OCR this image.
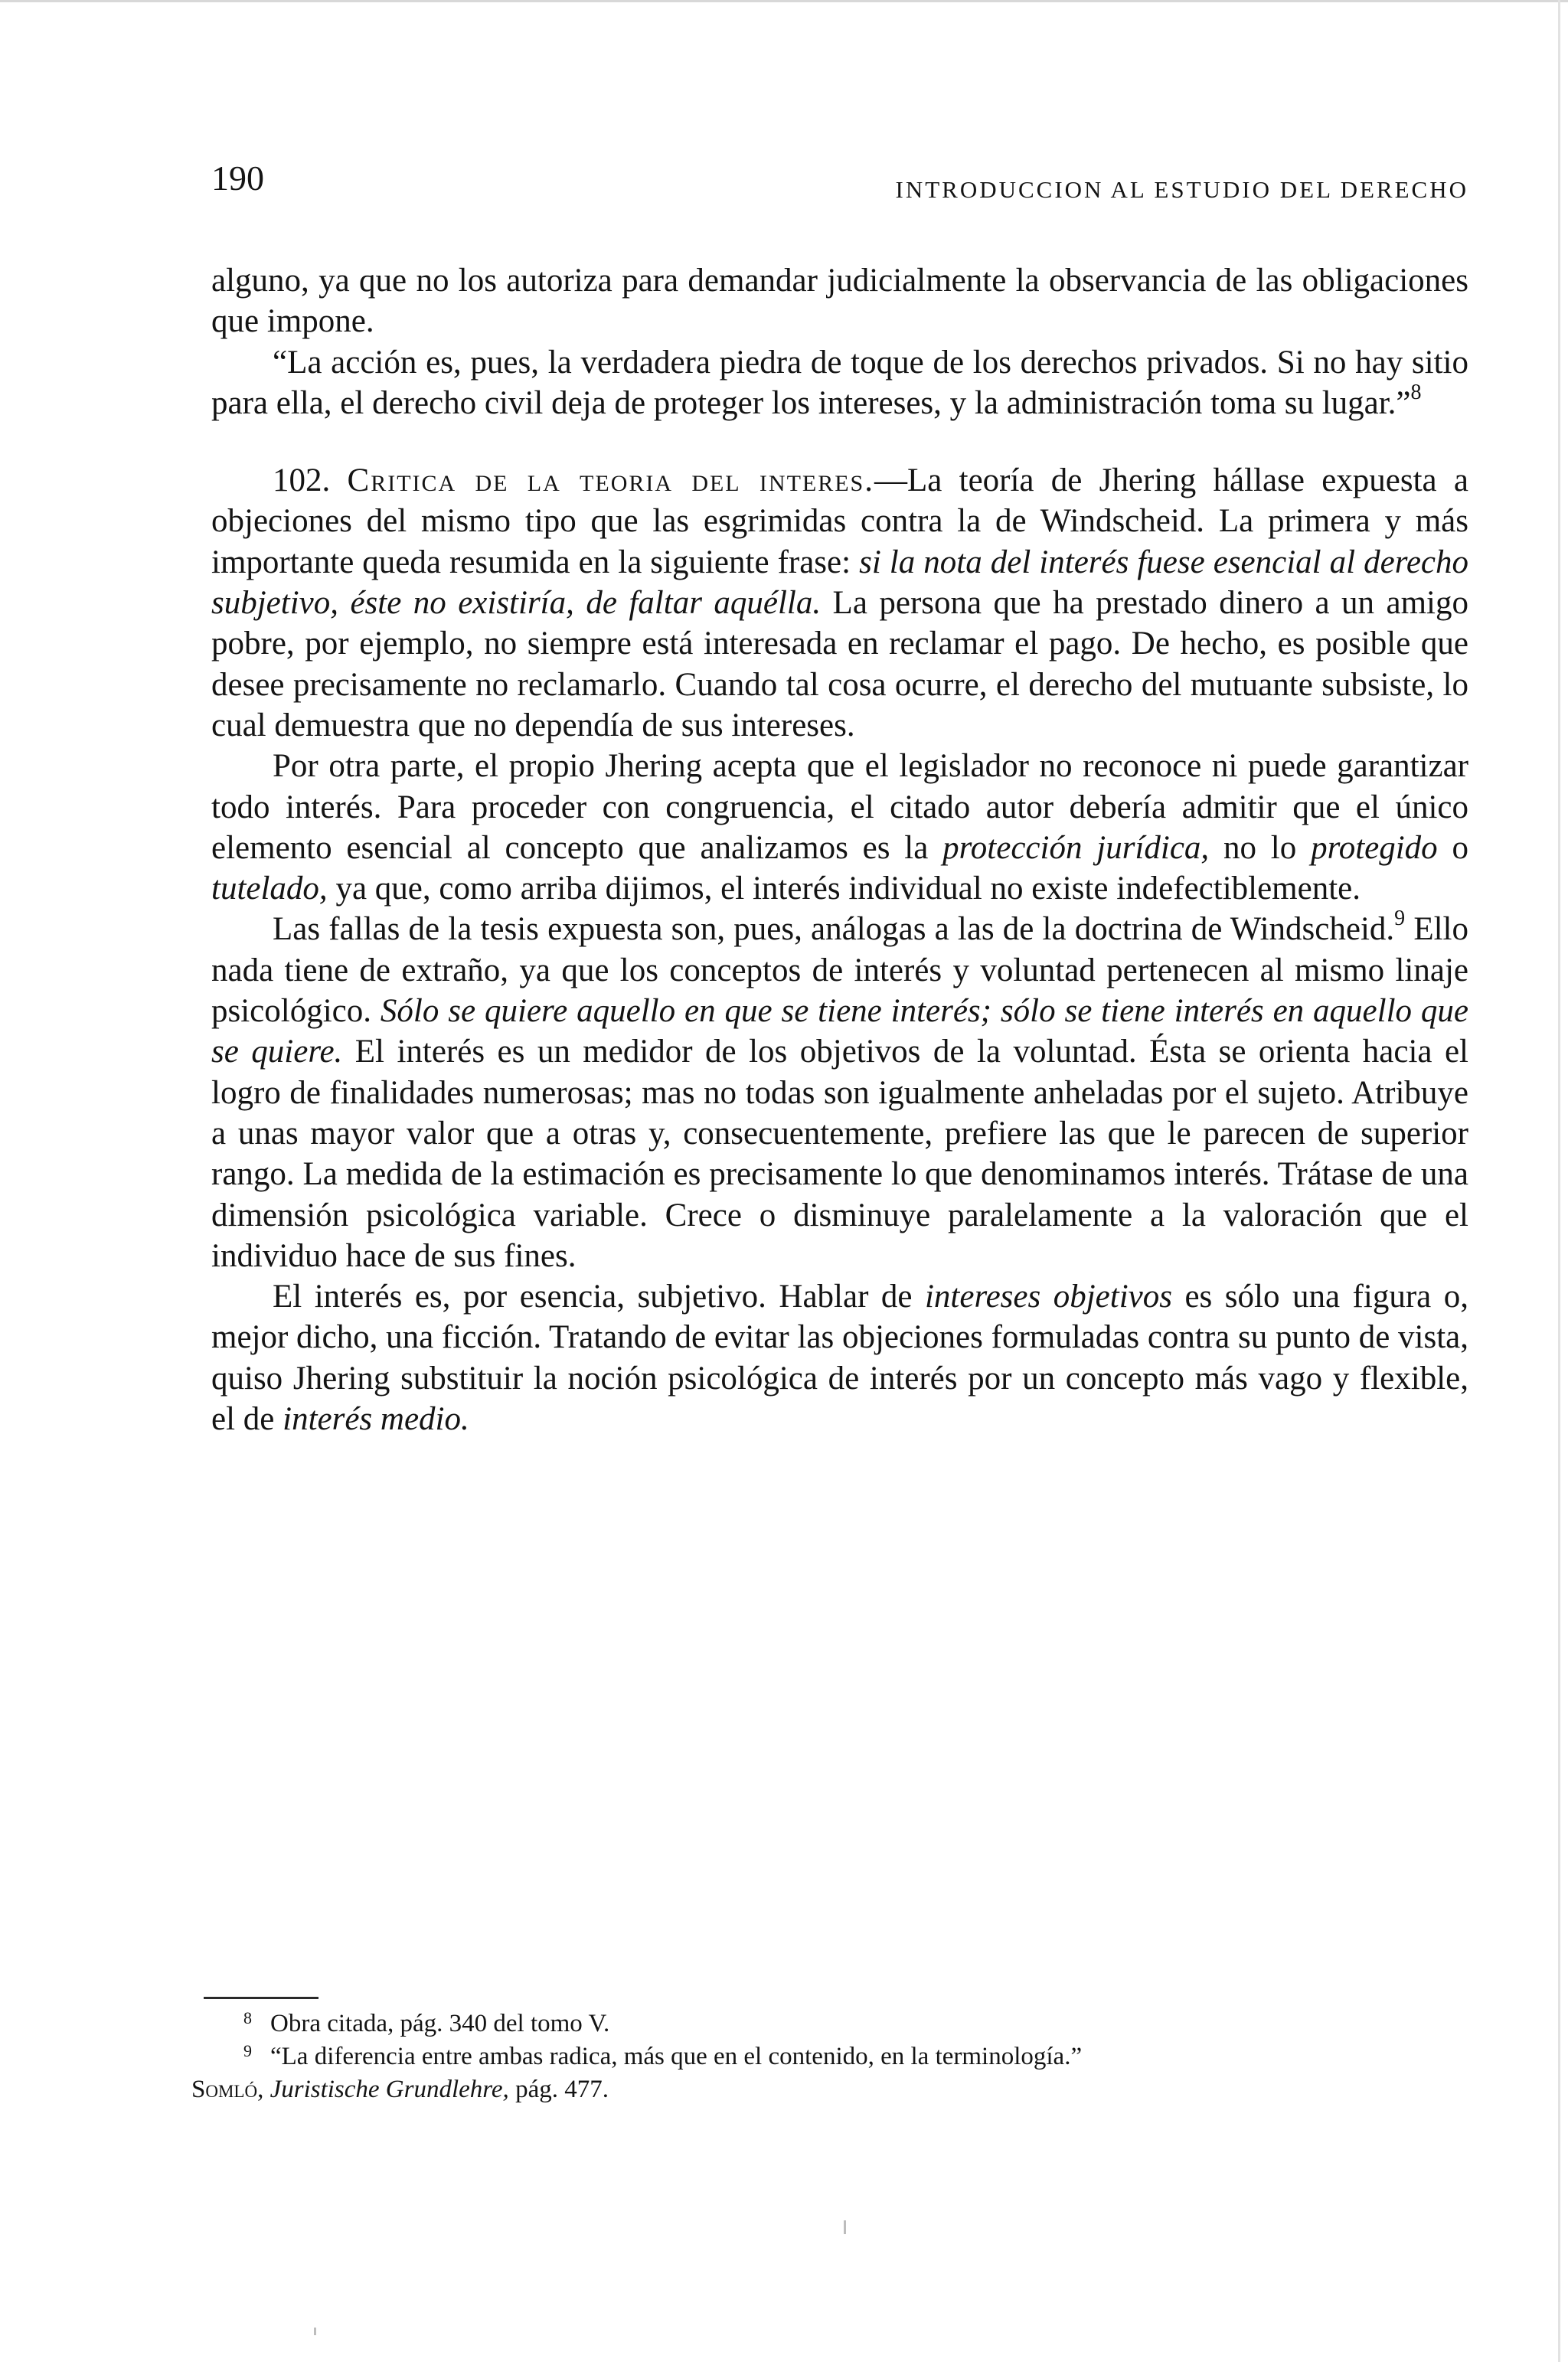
190	INTRODUCCION AL ESTUDIO DEL DERECHO

alguno, ya que no los autoriza para demandar judicialmente la observancia de las obligaciones que impone.

“La acción es, pues, la verdadera piedra de toque de los derechos privados. Si no hay sitio para ella, el derecho civil deja de proteger los intereses, y la administración toma su lugar.”$^8$

102. Critica de la teoria del interes.—La teoría de Jhering hállase expuesta a objeciones del mismo tipo que las esgrimidas contra la de Windscheid. La primera y más importante queda resumida en la siguiente frase: si la nota del interés fuese esencial al derecho subjetivo, éste no existiría, de faltar aquélla. La persona que ha prestado dinero a un amigo pobre, por ejemplo, no siempre está interesada en reclamar el pago. De hecho, es posible que desee precisamente no reclamarlo. Cuando tal cosa ocurre, el derecho del mutuante subsiste, lo cual demuestra que no dependía de sus intereses.

Por otra parte, el propio Jhering acepta que el legislador no reconoce ni puede garantizar todo interés. Para proceder con congruencia, el citado autor debería admitir que el único elemento esencial al concepto que analizamos es la protección jurídica, no lo protegido o tutelado, ya que, como arriba dijimos, el interés individual no existe indefectiblemente.

Las fallas de la tesis expuesta son, pues, análogas a las de la doctrina de Windscheid.$^9$ Ello nada tiene de extraño, ya que los conceptos de interés y voluntad pertenecen al mismo linaje psicológico. Sólo se quiere aquello en que se tiene interés; sólo se tiene interés en aquello que se quiere. El interés es un medidor de los objetivos de la voluntad. Ésta se orienta hacia el logro de finalidades numerosas; mas no todas son igualmente anheladas por el sujeto. Atribuye a unas mayor valor que a otras y, consecuentemente, prefiere las que le parecen de superior rango. La medida de la estimación es precisamente lo que denominamos interés. Trátase de una dimensión psicológica variable. Crece o disminuye paralelamente a la valoración que el individuo hace de sus fines.

El interés es, por esencia, subjetivo. Hablar de intereses objetivos es sólo una figura o, mejor dicho, una ficción. Tratando de evitar las objeciones formuladas contra su punto de vista, quiso Jhering substituir la noción psicológica de interés por un concepto más vago y flexible, el de interés medio.

$^8$ Obra citada, pág. 340 del tomo V.

$^9$ “La diferencia entre ambas radica, más que en el contenido, en la terminología.”

Somló, Juristische Grundlehre, pág. 477.
